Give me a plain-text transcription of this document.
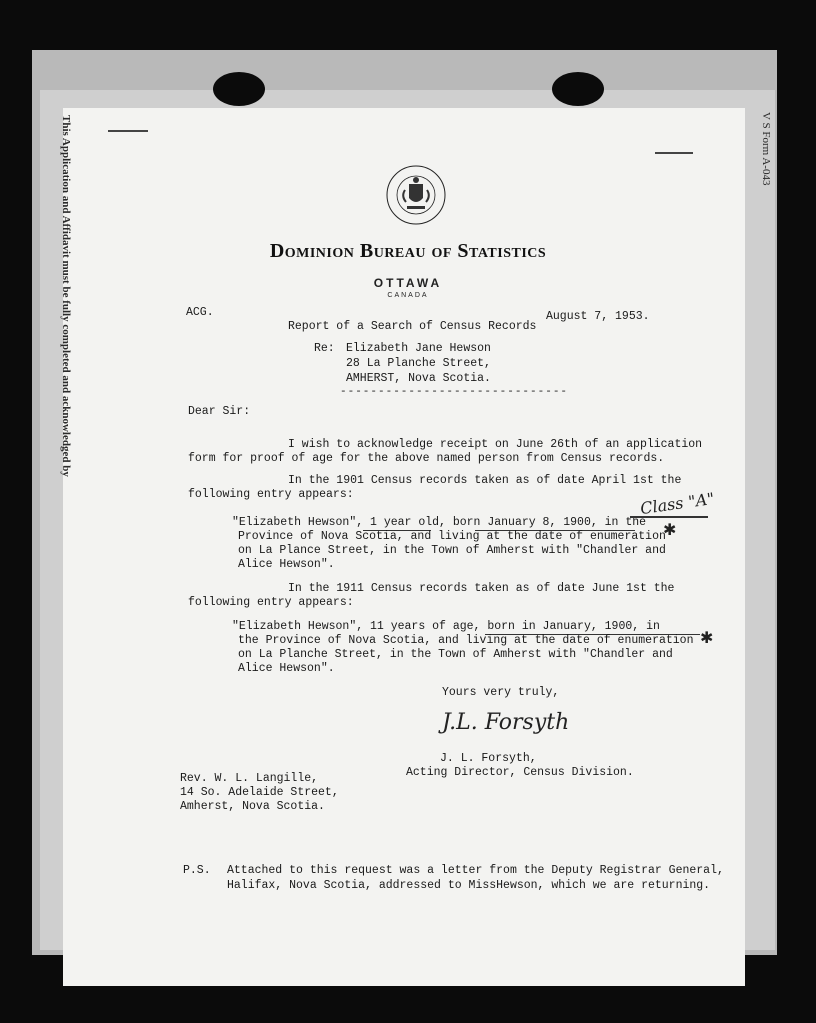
V S Form A-043
This Application and Affidavit must be fully completed and acknowledged by	Dominion Bureau of Statistics
OTTAWA
CANADA
ACG.	August 7, 1953.
Report of a Search of Census Records
Re: Elizabeth Jane Hewson
28 La Planche Street,
AMHERST, Nova Scotia.
------------------------------
Dear Sir:
I wish to acknowledge receipt on June 26th of an application
form for proof of age for the above named person from Census records.
In the 1901 Census records taken as of date April 1st the
following entry appears:
"Elizabeth Hewson", 1 year old, born January 8, 1900, in the
Province of Nova Scotia, and living at the date of enumeration
on La Plance Street, in the Town of Amherst with "Chandler and
Alice Hewson".
Class "A"
✱
In the 1911 Census records taken as of date June 1st the
following entry appears:
"Elizabeth Hewson", 11 years of age, born in January, 1900, in
the Province of Nova Scotia, and living at the date of enumeration
on La Planche Street, in the Town of Amherst with "Chandler and
Alice Hewson".
✱
Yours very truly,
J.L. Forsyth
J. L. Forsyth,
Acting Director, Census Division.
Rev. W. L. Langille,
14 So. Adelaide Street,
Amherst, Nova Scotia.
P.S. Attached to this request was a letter from the Deputy Registrar General,
Halifax, Nova Scotia, addressed to MissHewson, which we are returning.
